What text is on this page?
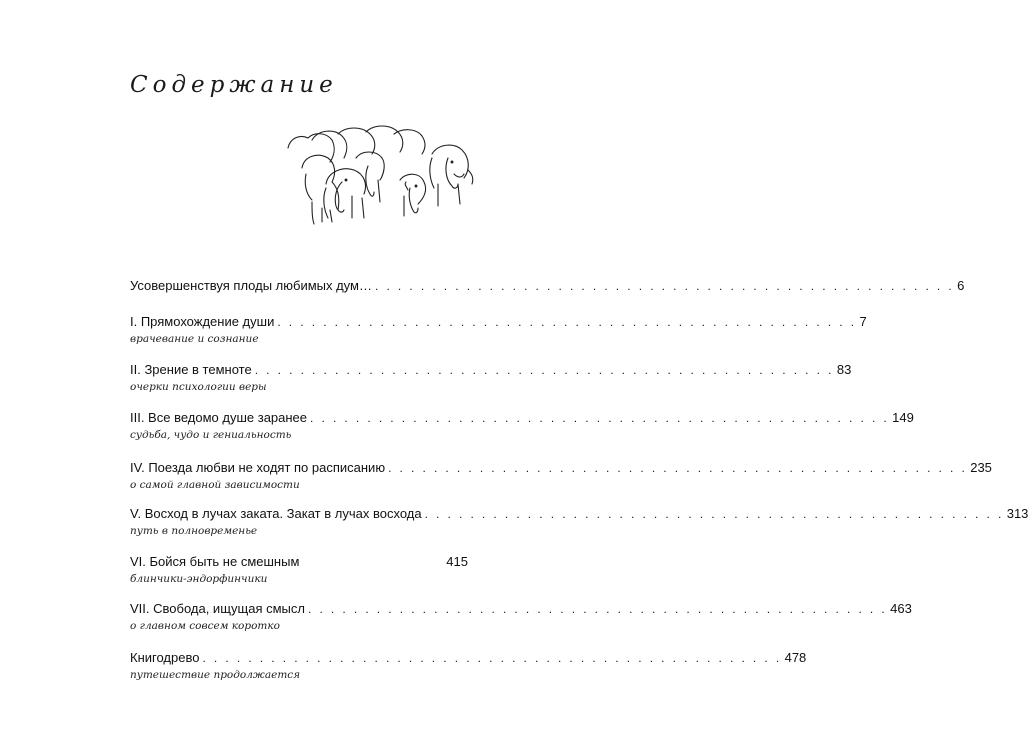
Содержание
Усовершенствуя плоды любимых дум… . . . . . . . . . . . . . . . . . . . . . . . . . . . . . . . . . . . . . . . . . . . . . . . . . . . 6
I. Прямохождение души . . . . . . . . . . . . . . . . . . . . . . . . . . . . . . . . . . . . . . . . . . . . . . . . . . . 7
врачевание и сознание
II. Зрение в темноте . . . . . . . . . . . . . . . . . . . . . . . . . . . . . . . . . . . . . . . . . . . . . . . . . . . 83
очерки психологии веры
III. Все ведомо душе заранее . . . . . . . . . . . . . . . . . . . . . . . . . . . . . . . . . . . . . . . . . . . . . . . . . . . 149
судьба, чудо и гениальность
IV. Поезда любви не ходят по расписанию . . . . . . . . . . . . . . . . . . . . . . . . . . . . . . . . . . . . . . . . . . . . . . . . . . . 235
о самой главной зависимости
V. Восход в лучах заката. Закат в лучах восхода . . . . . . . . . . . . . . . . . . . . . . . . . . . . . . . . . . . . . . . . . . . . . . . . . . . 313
путь в полновременье
VI. Бойся быть не смешным
	415
блинчики-эндорфинчики
VII. Свобода, ищущая смысл . . . . . . . . . . . . . . . . . . . . . . . . . . . . . . . . . . . . . . . . . . . . . . . . . . . 463
о главном совсем коротко
Книгодрево . . . . . . . . . . . . . . . . . . . . . . . . . . . . . . . . . . . . . . . . . . . . . . . . . . . 478
путешествие продолжается
